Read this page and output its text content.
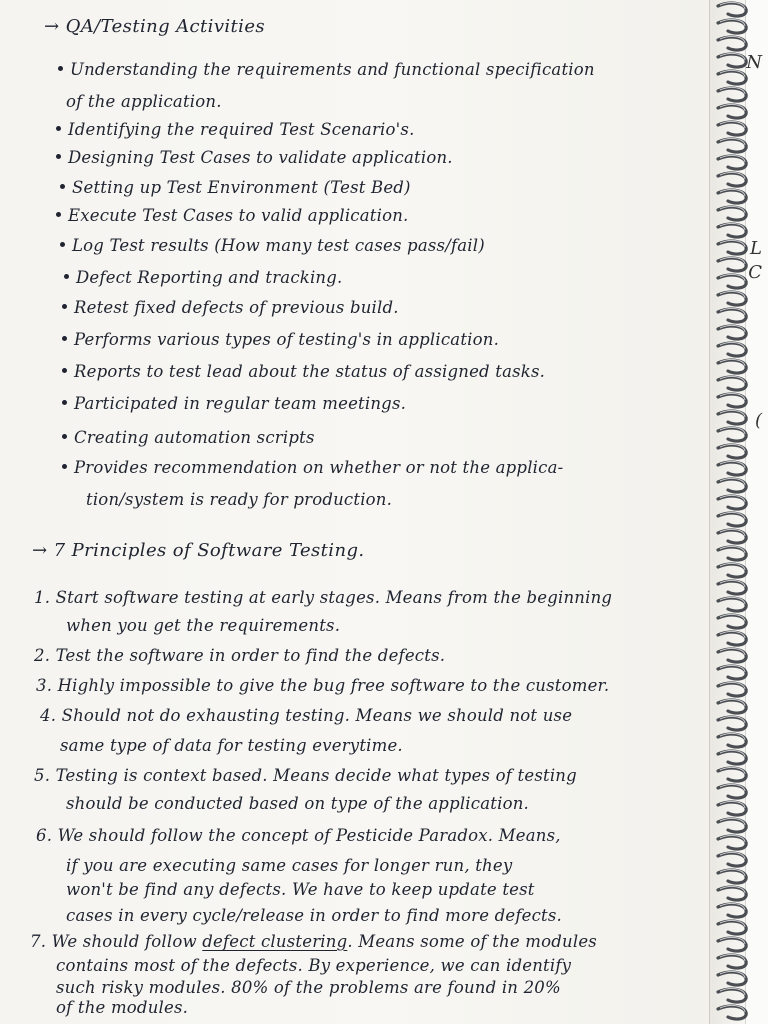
N
L
C
(
→ QA/Testing Activities
Understanding the requirements and functional specification
of the application.
Identifying the required Test Scenario's.
Designing Test Cases to validate application.
Setting up Test Environment (Test Bed)
Execute Test Cases to valid application.
Log Test results (How many test cases pass/fail)
Defect Reporting and tracking.
Retest fixed defects of previous build.
Performs various types of testing's in application.
Reports to test lead about the status of assigned tasks.
Participated in regular team meetings.
Creating automation scripts
Provides recommendation on whether or not the applica-
tion/system is ready for production.
→ 7 Principles of Software Testing.
1. Start software testing at early stages. Means from the beginning
when you get the requirements.
2. Test the software in order to find the defects.
3. Highly impossible to give the bug free software to the customer.
4. Should not do exhausting testing. Means we should not use
same type of data for testing everytime.
5. Testing is context based. Means decide what types of testing
should be conducted based on type of the application.
6. We should follow the concept of Pesticide Paradox. Means,
if you are executing same cases for longer run, they
won't be find any defects. We have to keep update test
cases in every cycle/release in order to find more defects.
7. We should follow defect clustering. Means some of the modules
contains most of the defects. By experience, we can identify
such risky modules. 80% of the problems are found in 20%
of the modules.
